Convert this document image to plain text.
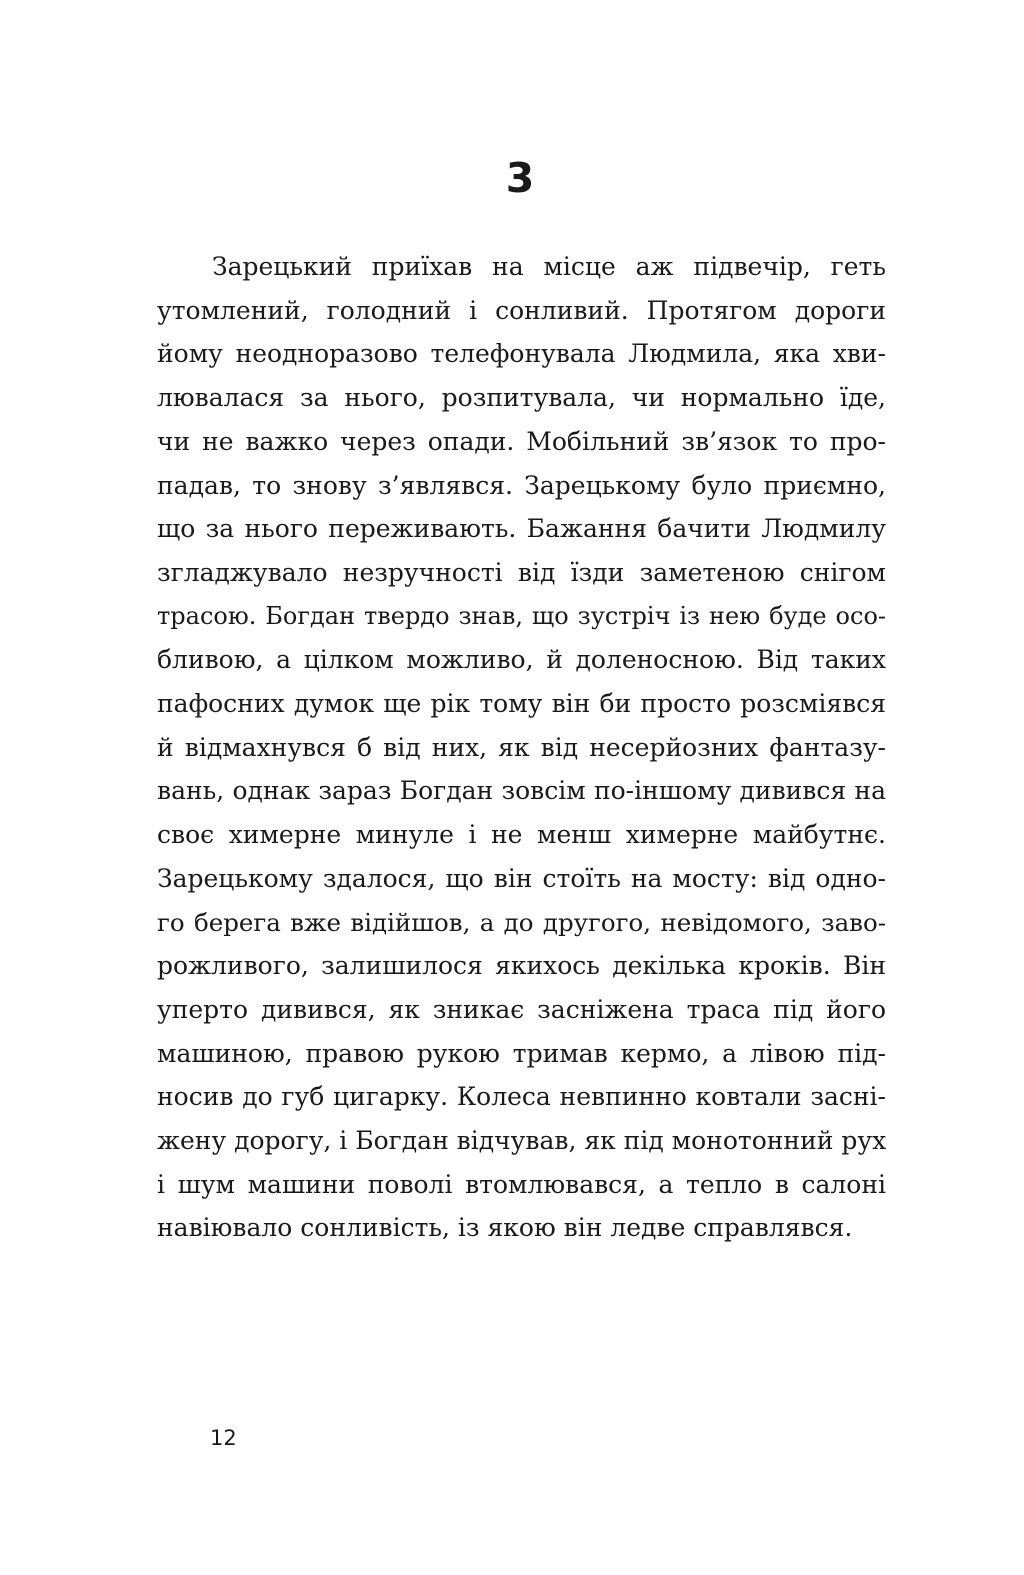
3
Зарецький приїхав на місце аж підвечір, геть
утомлений, голодний і сонливий. Протягом дороги
йому неодноразово телефонувала Людмила, яка хви-
лювалася за нього, розпитувала, чи нормально їде,
чи не важко через опади. Мобільний зв’язок то про-
падав, то знову з’являвся. Зарецькому було приємно,
що за нього переживають. Бажання бачити Людмилу
згладжувало незручності від їзди заметеною снігом
трасою. Богдан твердо знав, що зустріч із нею буде осо-
бливою, а цілком можливо, й доленосною. Від таких
пафосних думок ще рік тому він би просто розсміявся
й відмахнувся б від них, як від несерйозних фантазу-
вань, однак зараз Богдан зовсім по-іншому дивився на
своє химерне минуле і не менш химерне майбутнє.
Зарецькому здалося, що він стоїть на мосту: від одно-
го берега вже відійшов, а до другого, невідомого, заво-
рожливого, залишилося якихось декілька кроків. Він
уперто дивився, як зникає засніжена траса під його
машиною, правою рукою тримав кермо, а лівою під-
носив до губ цигарку. Колеса невпинно ковтали засні-
жену дорогу, і Богдан відчував, як під монотонний рух
і шум машини поволі втомлювався, а тепло в салоні
навіювало сонливість, із якою він ледве справлявся.
12
